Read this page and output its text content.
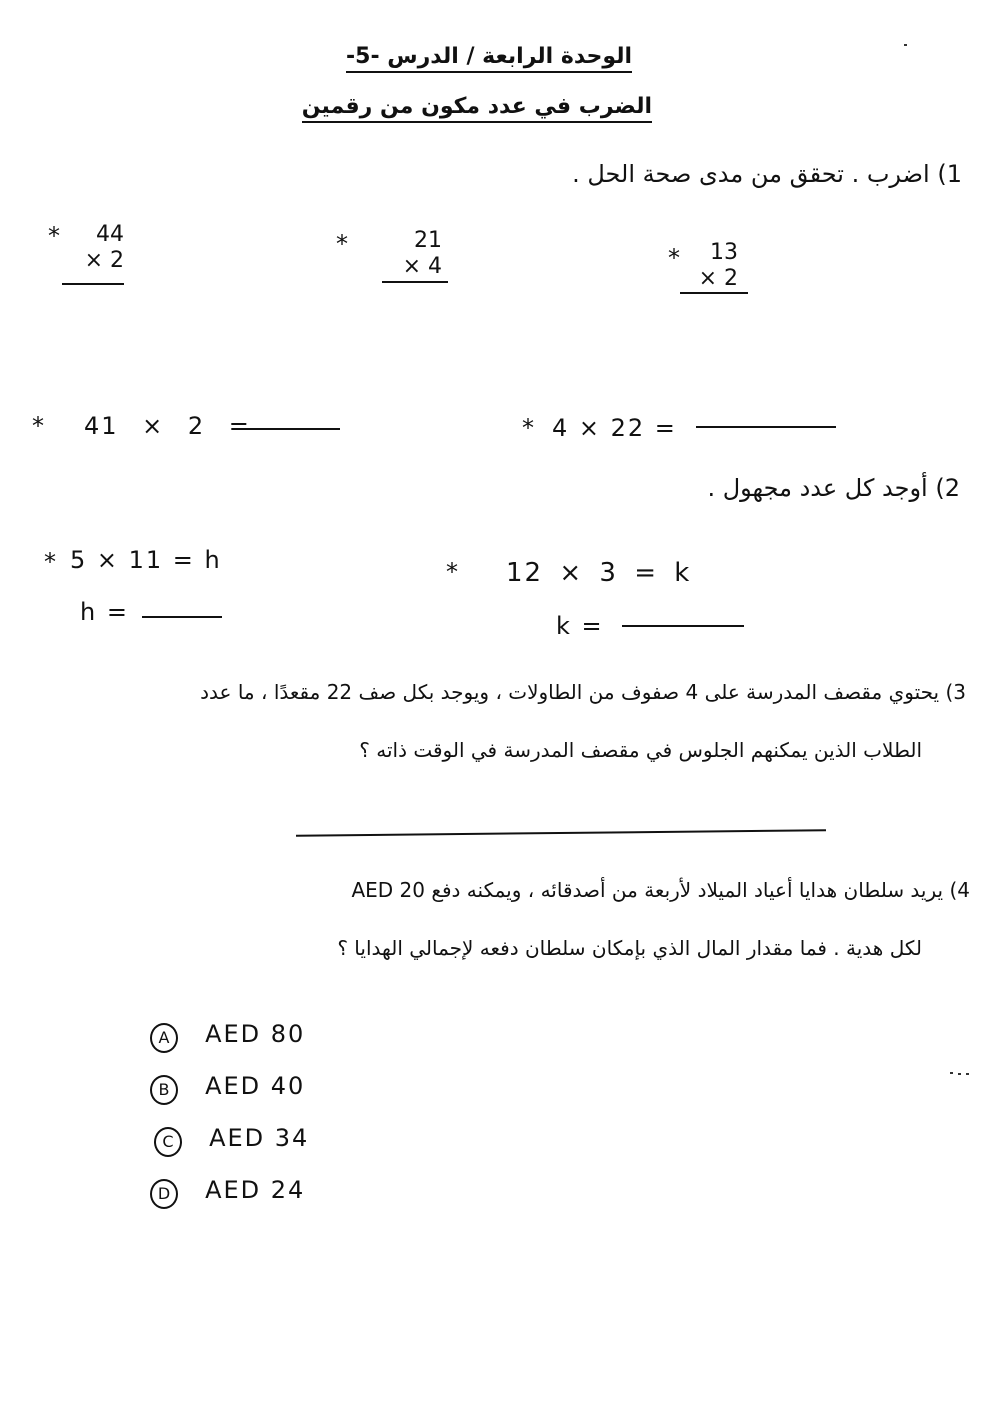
الوحدة الرابعة / الدرس -5-
الضرب في عدد مكون من رقمين
1) اضرب . تحقق من مدى صحة الحل .
*	44
× 2
*	21
× 4	*	13
× 2
* 41 × 2 =	* 4 × 22 =
2) أوجد كل عدد مجهول .
* 5 × 11 = h
h =
* 12 × 3 = k
k =
3) يحتوي مقصف المدرسة على 4 صفوف من الطاولات ، ويوجد بكل صف 22 مقعدًا ، ما عدد
الطلاب الذين يمكنهم الجلوس في مقصف المدرسة في الوقت ذاته ؟
4) يريد سلطان هدايا أعياد الميلاد لأربعة من أصدقائه ، ويمكنه دفع AED 20
لكل هدية . فما مقدار المال الذي بإمكان سلطان دفعه لإجمالي الهدايا ؟
A AED 80
B AED 40
C AED 34
D AED 24
